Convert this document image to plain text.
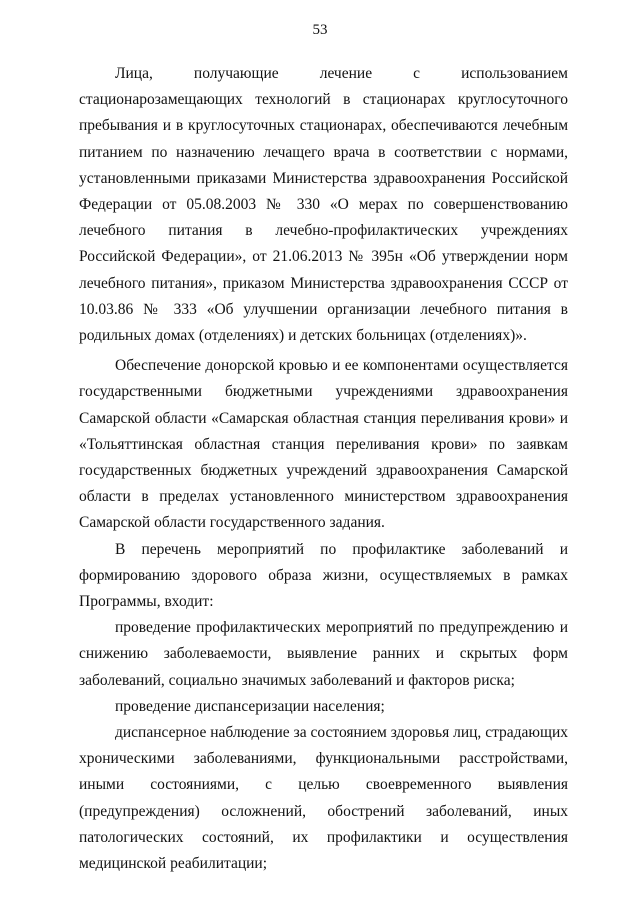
53

Лица, получающие лечение с использованием стационарозамещающих технологий в стационарах круглосуточного пребывания и в круглосуточных стационарах, обеспечиваются лечебным питанием по назначению лечащего врача в соответствии с нормами, установленными приказами Министерства здравоохранения Российской Федерации от 05.08.2003 № 330 «О мерах по совершенствованию лечебного питания в лечебно-профилактических учреждениях Российской Федерации», от 21.06.2013 № 395н «Об утверждении норм лечебного питания», приказом Министерства здравоохранения СССР от 10.03.86 № 333 «Об улучшении организации лечебного питания в родильных домах (отделениях) и детских больницах (отделениях)».

Обеспечение донорской кровью и ее компонентами осуществляется государственными бюджетными учреждениями здравоохранения Самарской области «Самарская областная станция переливания крови» и «Тольяттинская областная станция переливания крови» по заявкам государственных бюджетных учреждений здравоохранения Самарской области в пределах установленного министерством здравоохранения Самарской области государственного задания.

В перечень мероприятий по профилактике заболеваний и формированию здорового образа жизни, осуществляемых в рамках Программы, входит:

проведение профилактических мероприятий по предупреждению и снижению заболеваемости, выявление ранних и скрытых форм заболеваний, социально значимых заболеваний и факторов риска;

проведение диспансеризации населения;

диспансерное наблюдение за состоянием здоровья лиц, страдающих хроническими заболеваниями, функциональными расстройствами, иными состояниями, с целью своевременного выявления (предупреждения) осложнений, обострений заболеваний, иных патологических состояний, их профилактики и осуществления медицинской реабилитации;
